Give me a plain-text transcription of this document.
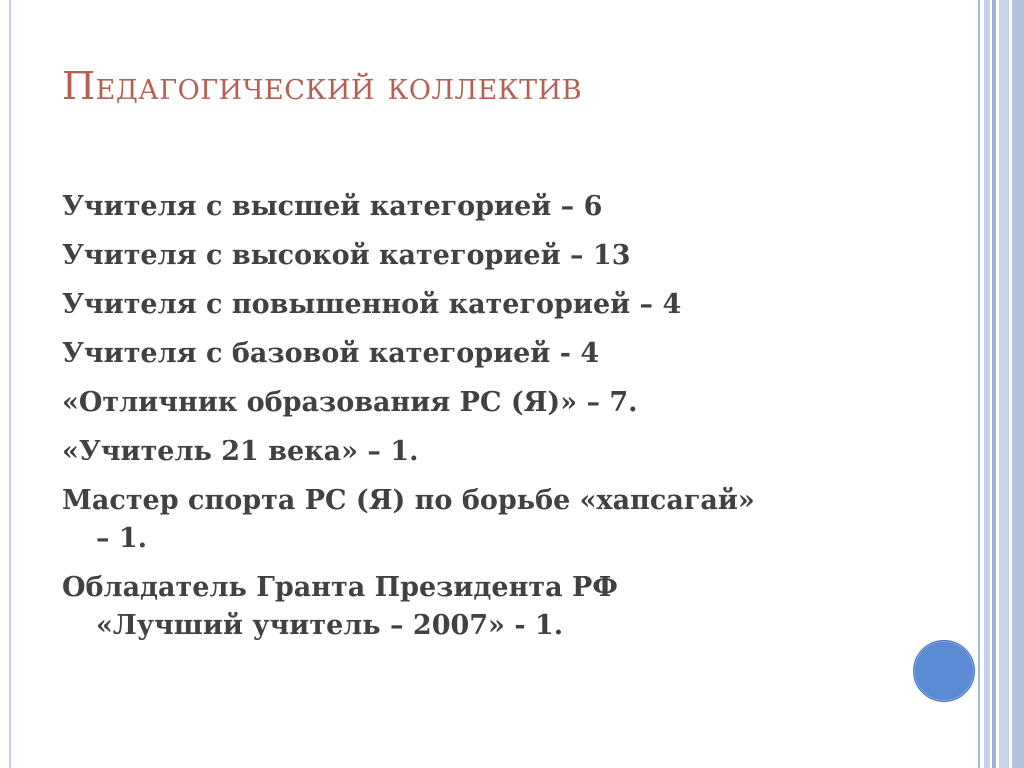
Педагогический коллектив
Учителя с высшей категорией – 6
Учителя с высокой категорией – 13
Учителя с повышенной категорией – 4
Учителя с базовой категорией - 4
«Отличник образования РС (Я)» – 7.
«Учитель 21 века» – 1.
Мастер спорта РС (Я) по борьбе «хапсагай»
– 1.
Обладатель Гранта Президента РФ
«Лучший учитель – 2007» - 1.
